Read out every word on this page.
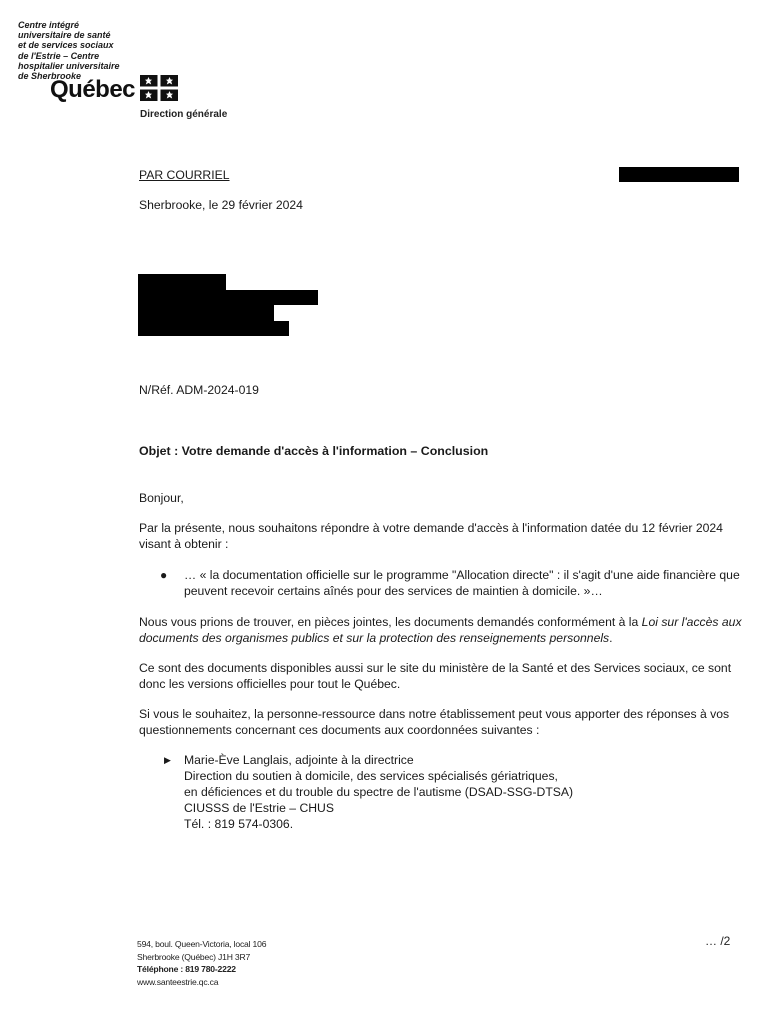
Centre intégré
universitaire de santé
et de services sociaux
de l'Estrie – Centre
hospitalier universitaire
de Sherbrooke
Québec
Direction générale
PAR COURRIEL
Sherbrooke, le 29 février 2024
N/Réf. ADM-2024-019
Objet : Votre demande d'accès à l'information – Conclusion
Bonjour,
Par la présente, nous souhaitons répondre à votre demande d'accès à l'information datée du 12 février 2024 visant à obtenir :
● … « la documentation officielle sur le programme "Allocation directe" : il s'agit d'une aide financière que peuvent recevoir certains aînés pour des services de maintien à domicile. »…
Nous vous prions de trouver, en pièces jointes, les documents demandés conformément à la Loi sur l'accès aux documents des organismes publics et sur la protection des renseignements personnels.
Ce sont des documents disponibles aussi sur le site du ministère de la Santé et des Services sociaux, ce sont donc les versions officielles pour tout le Québec.
Si vous le souhaitez, la personne-ressource dans notre établissement peut vous apporter des réponses à vos questionnements concernant ces documents aux coordonnées suivantes :
▶ Marie-Ève Langlais, adjointe à la directrice
Direction du soutien à domicile, des services spécialisés gériatriques,
en déficiences et du trouble du spectre de l'autisme (DSAD-SSG-DTSA)
CIUSSS de l'Estrie – CHUS
Tél. : 819 574-0306.
594, boul. Queen-Victoria, local 106
Sherbrooke (Québec) J1H 3R7
Téléphone : 819 780-2222
www.santeestrie.qc.ca
… /2
